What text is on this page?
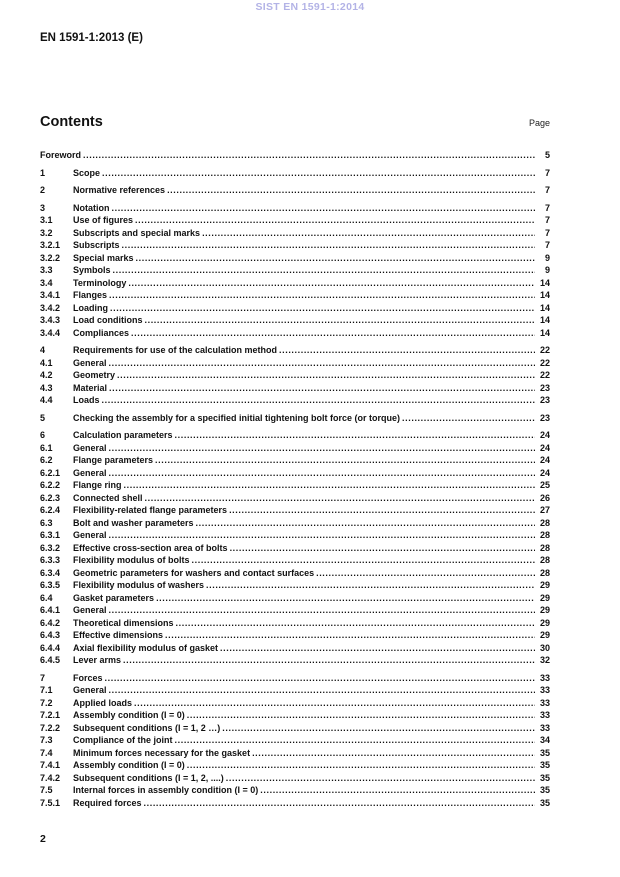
SIST EN 1591-1:2014
EN 1591-1:2013 (E)
Contents	Page
Foreword .....	5
1	Scope .....	7
2	Normative references .....	7
3	Notation .....	7
3.1	Use of figures .....	7
3.2	Subscripts and special marks .....	7
3.2.1	Subscripts .....	7
3.2.2	Special marks .....	9
3.3	Symbols .....	9
3.4	Terminology .....	14
3.4.1	Flanges .....	14
3.4.2	Loading .....	14
3.4.3	Load conditions .....	14
3.4.4	Compliances .....	14
4	Requirements for use of the calculation method .....	22
4.1	General .....	22
4.2	Geometry .....	22
4.3	Material .....	23
4.4	Loads .....	23
5	Checking the assembly for a specified initial tightening bolt force (or torque) .....	23
6	Calculation parameters .....	24
6.1	General .....	24
6.2	Flange parameters .....	24
6.2.1	General .....	24
6.2.2	Flange ring .....	25
6.2.3	Connected shell .....	26
6.2.4	Flexibility-related flange parameters .....	27
6.3	Bolt and washer parameters .....	28
6.3.1	General .....	28
6.3.2	Effective cross-section area of bolts .....	28
6.3.3	Flexibility modulus of bolts .....	28
6.3.4	Geometric parameters for washers and contact surfaces .....	28
6.3.5	Flexibility modulus of washers .....	29
6.4	Gasket parameters .....	29
6.4.1	General .....	29
6.4.2	Theoretical dimensions .....	29
6.4.3	Effective dimensions .....	29
6.4.4	Axial flexibility modulus of gasket .....	30
6.4.5	Lever arms .....	32
7	Forces .....	33
7.1	General .....	33
7.2	Applied loads .....	33
7.2.1	Assembly condition (I = 0) .....	33
7.2.2	Subsequent conditions (I = 1, 2 …) .....	33
7.3	Compliance of the joint .....	34
7.4	Minimum forces necessary for the gasket .....	35
7.4.1	Assembly condition (I = 0) .....	35
7.4.2	Subsequent conditions (I = 1, 2, ....) .....	35
7.5	Internal forces in assembly condition (I = 0) .....	35
7.5.1	Required forces .....	35
2
